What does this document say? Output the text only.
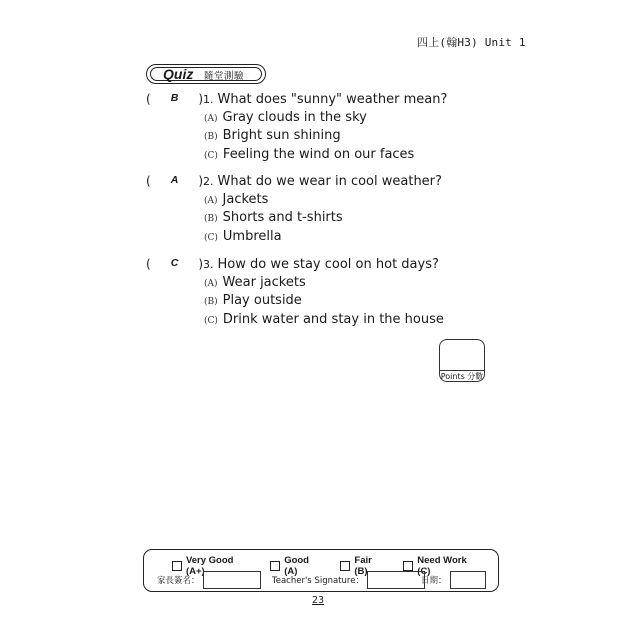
四上(翰H3) Unit 1
Quiz 隨堂測驗
( B ) 1. What does "sunny" weather mean?
(A) Gray clouds in the sky
(B) Bright sun shining
(C) Feeling the wind on our faces
( A ) 2. What do we wear in cool weather?
(A) Jackets
(B) Shorts and t-shirts
(C) Umbrella
( C ) 3. How do we stay cool on hot days?
(A) Wear jackets
(B) Play outside
(C) Drink water and stay in the house
Points 分數
Very Good (A+)
Good (A)
Fair (B)
Need Work (C)
家長簽名：	Teacher's Signature：	日期：
23
